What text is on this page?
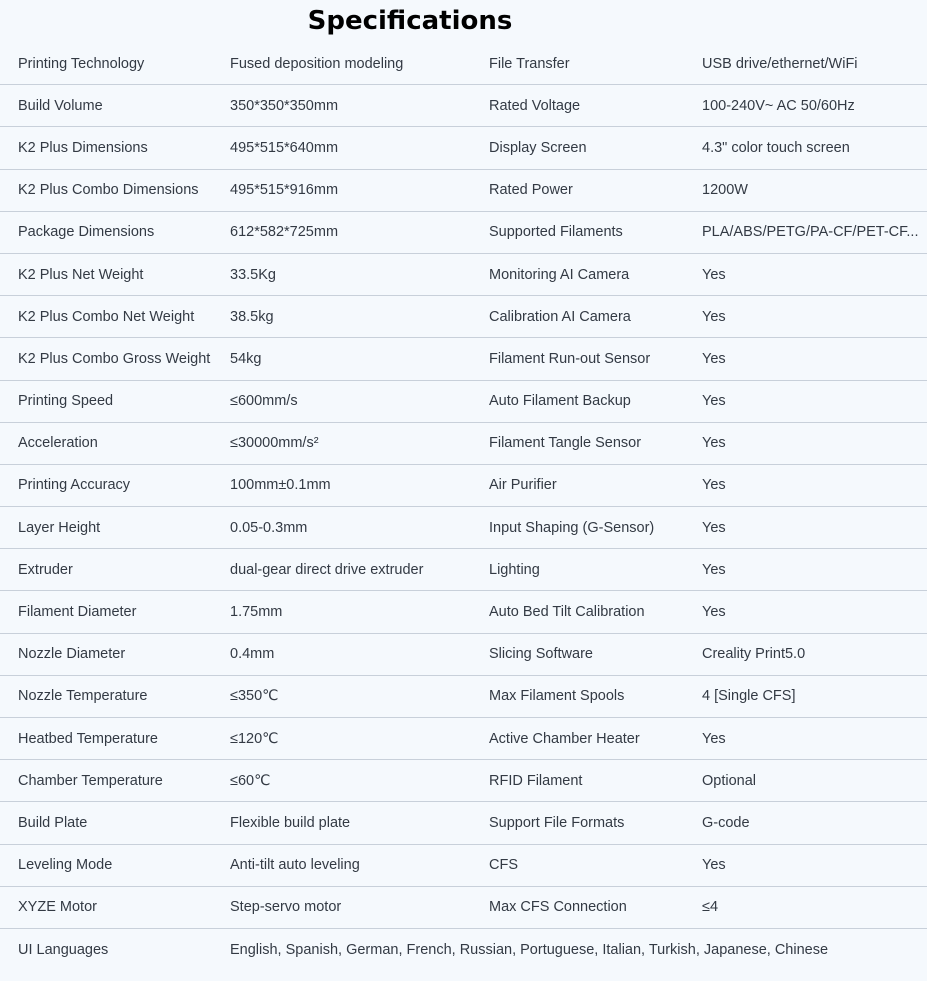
Specifications
Printing Technology	Fused deposition modeling	File Transfer	USB drive/ethernet/WiFi
Build Volume	350*350*350mm	Rated Voltage	100-240V~ AC 50/60Hz
K2 Plus Dimensions	495*515*640mm	Display Screen	4.3" color touch screen
K2 Plus Combo Dimensions	495*515*916mm	Rated Power	1200W
Package Dimensions	612*582*725mm	Supported Filaments	PLA/ABS/PETG/PA-CF/PET-CF...
K2 Plus Net Weight	33.5Kg	Monitoring AI Camera	Yes
K2 Plus Combo Net Weight	38.5kg	Calibration AI Camera	Yes
K2 Plus Combo Gross Weight	54kg	Filament Run-out Sensor	Yes
Printing Speed	≤600mm/s	Auto Filament Backup	Yes
Acceleration	≤30000mm/s²	Filament Tangle Sensor	Yes
Printing Accuracy	100mm±0.1mm	Air Purifier	Yes
Layer Height	0.05-0.3mm	Input Shaping (G-Sensor)	Yes
Extruder	dual-gear direct drive extruder	Lighting	Yes
Filament Diameter	1.75mm	Auto Bed Tilt Calibration	Yes
Nozzle Diameter	0.4mm	Slicing Software	Creality Print5.0
Nozzle Temperature	≤350℃	Max Filament Spools	4 [Single CFS]
Heatbed Temperature	≤120℃	Active Chamber Heater	Yes
Chamber Temperature	≤60℃	RFID Filament	Optional
Build Plate	Flexible build plate	Support File Formats	G-code
Leveling Mode	Anti-tilt auto leveling	CFS	Yes
XYZE Motor	Step-servo motor	Max CFS Connection	≤4
UI Languages	English, Spanish, German, French, Russian, Portuguese, Italian, Turkish, Japanese, Chinese
